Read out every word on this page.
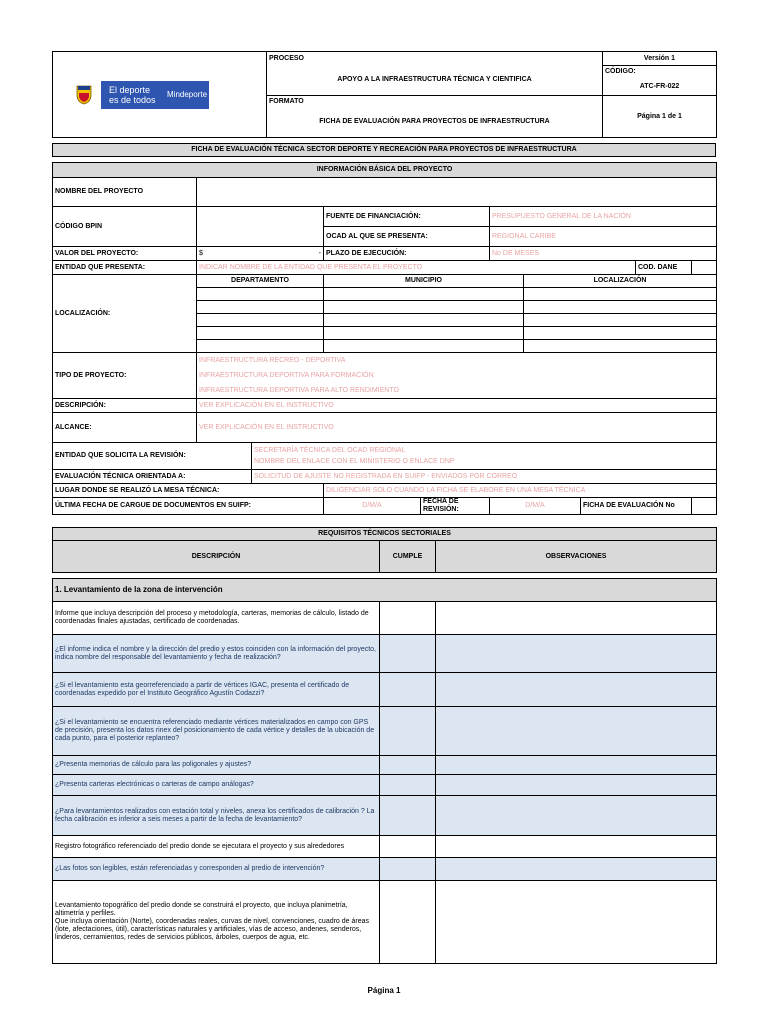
El deporte
es de todos
Mindeporte	PROCESO	Versión 1
	APOYO A LA INFRAESTRUCTURA TÉCNICA Y CIENTIFICA	CÓDIGO:
ATC-FR-022

	FORMATO	Página 1 de 1
	FICHA DE EVALUACIÓN PARA PROYECTOS DE INFRAESTRUCTURA	
FICHA DE EVALUACIÓN TÉCNICA SECTOR DEPORTE Y RECREACIÓN PARA PROYECTOS DE INFRAESTRUCTURA
INFORMACIÓN BÁSICA DEL PROYECTO									
NOMBRE DEL PROYECTO									
CÓDIGO BPIN			FUENTE DE FINANCIACIÓN:		PRESUPUESTO GENERAL DE LA NACIÓN				
			OCAD AL QUE SE PRESENTA:		REGIONAL CARIBE				
VALOR DEL PROYECTO:	$ -		PLAZO DE EJECUCIÓN:		No DE MESES				
ENTIDAD QUE PRESENTA:	INDICAR NOMBRE DE LA ENTIDAD QUE PRESENTA EL PROYECTO							COD. DANE	
LOCALIZACIÓN:	DEPARTAMENTO		MUNICIPIO			LOCALIZACIÓN			

TIPO DE PROYECTO:	INFRAESTRUCTURA RECREO - DEPORTIVA
INFRAESTRUCTURA DEPORTIVA PARA FORMACIÓN
INFRAESTRUCTURA DEPORTIVA PARA ALTO RENDIMIENTO								

DESCRIPCIÓN:	VER EXPLICACIÓN EN EL INSTRUCTIVO								
ALCANCE:	VER EXPLICACIÓN EN EL INSTRUCTIVO								
ENTIDAD QUE SOLICITA LA REVISIÓN:		SECRETARÍA TÉCNICA DEL OCAD REGIONAL
NOMBRE DEL ENLACE CON EL MINISTERIO O ENLACE DNP							

EVALUACIÓN TÉCNICA ORIENTADA A:		SOLICITUD DE AJUSTE NO REGISTRADA EN SUIFP - ENVIADOS POR CORREO							
LUGAR DONDE SE REALIZÓ LA MESA TÉCNICA:			DILIGENCIAR SOLO CUANDO LA FICHA SE ELABORE EN UNA MESA TÉCNICA						
ÚLTIMA FECHA DE CARGUE DE DOCUMENTOS EN SUIFP:			D/M/A	FECHA DE REVISIÓN:	D/M/A		FICHA DE EVALUACIÓN No		
REQUISITOS TÉCNICOS SECTORIALES		
DESCRIPCIÓN	CUMPLE	OBSERVACIONES

1. Levantamiento de la zona de intervención		
Informe que incluya descripción del proceso y metodología, carteras, memorias de cálculo, listado de coordenadas finales ajustadas, certificado de coordenadas.		
¿El informe indica el nombre y la dirección del predio y estos coinciden con la información del proyecto, indica nombre del responsable del levantamiento y fecha de realización?		
¿Si el levantamiento esta georreferenciado a partir de vértices IGAC, presenta el certificado de coordenadas expedido por el Instituto Geográfico Agustín Codazzi?		
¿Si el levantamiento se encuentra referenciado mediante vértices materializados en campo con GPS de precisión, presenta los datos rinex del posicionamiento de cada vértice y detalles de la ubicación de cada punto, para el posterior replanteo?		
¿Presenta memorias de cálculo para las poligonales y ajustes?		
¿Presenta carteras electrónicas o carteras de campo análogas?		
¿Para levantamientos realizados con estación total y niveles, anexa los certificados de calibración ? La fecha calibración es inferior a seis meses a partir de la fecha de levantamiento?		
Registro fotográfico referenciado del predio donde se ejecutara el proyecto y sus alrededores		
¿Las fotos son legibles, están referenciadas y corresponden al predio de intervención?		
Levantamiento topográfico del predio donde se construirá el proyecto, que incluya planimetría, altimetría y perfiles.
Que incluya orientación (Norte), coordenadas reales, curvas de nivel, convenciones, cuadro de áreas (lote, afectaciones, útil), características naturales y artificiales, vías de acceso, andenes, senderos, linderos, cerramientos, redes de servicios públicos, árboles, cuerpos de agua, etc.		
Página 1
